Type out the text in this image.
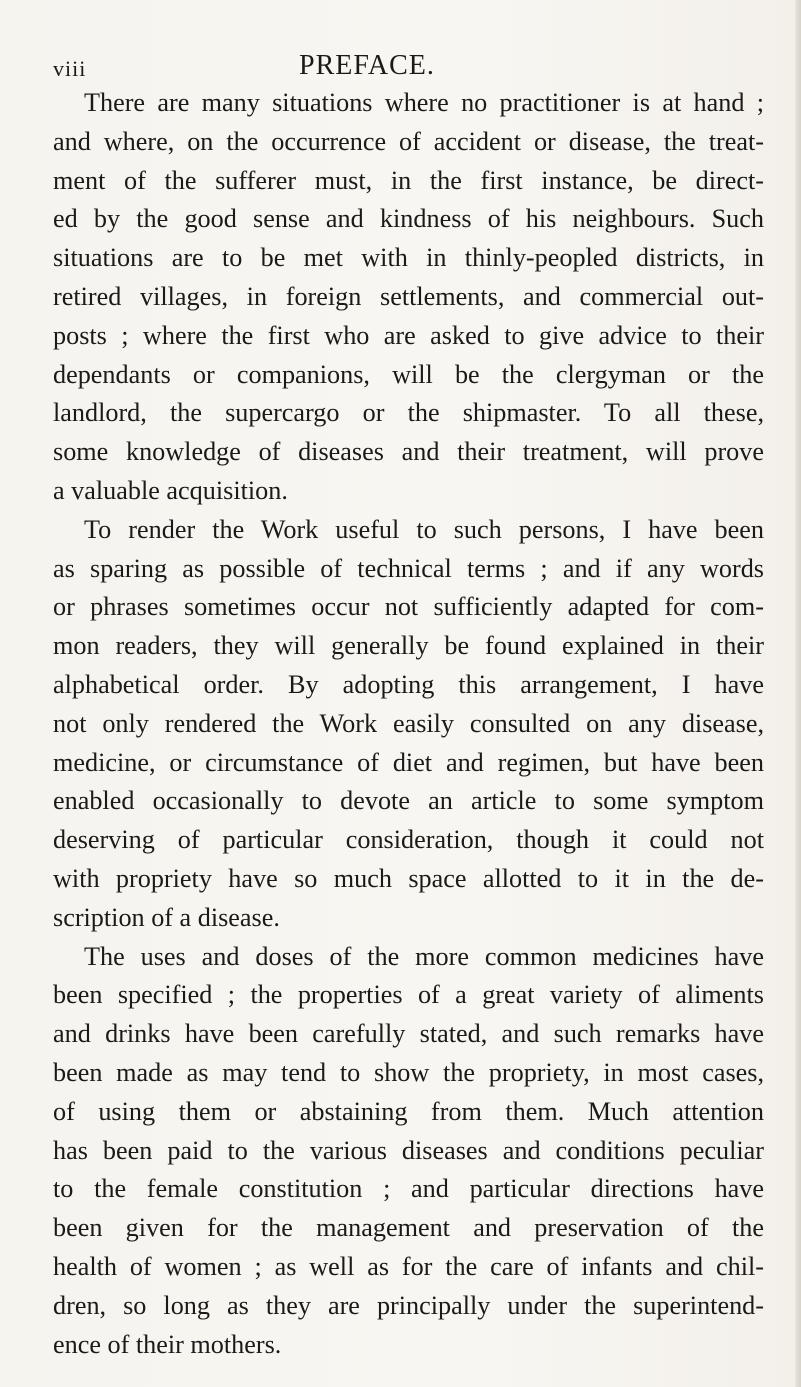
viii	PREFACE.
There are many situations where no practitioner is at hand ;
and where, on the occurrence of accident or disease, the treat-
ment of the sufferer must, in the first instance, be direct-
ed by the good sense and kindness of his neighbours. Such
situations are to be met with in thinly-peopled districts, in
retired villages, in foreign settlements, and commercial out-
posts ; where the first who are asked to give advice to their
dependants or companions, will be the clergyman or the
landlord, the supercargo or the shipmaster. To all these,
some knowledge of diseases and their treatment, will prove
a valuable acquisition.
To render the Work useful to such persons, I have been
as sparing as possible of technical terms ; and if any words
or phrases sometimes occur not sufficiently adapted for com-
mon readers, they will generally be found explained in their
alphabetical order. By adopting this arrangement, I have
not only rendered the Work easily consulted on any disease,
medicine, or circumstance of diet and regimen, but have been
enabled occasionally to devote an article to some symptom
deserving of particular consideration, though it could not
with propriety have so much space allotted to it in the de-
scription of a disease.
The uses and doses of the more common medicines have
been specified ; the properties of a great variety of aliments
and drinks have been carefully stated, and such remarks have
been made as may tend to show the propriety, in most cases,
of using them or abstaining from them. Much attention
has been paid to the various diseases and conditions peculiar
to the female constitution ; and particular directions have
been given for the management and preservation of the
health of women ; as well as for the care of infants and chil-
dren, so long as they are principally under the superintend-
ence of their mothers.
